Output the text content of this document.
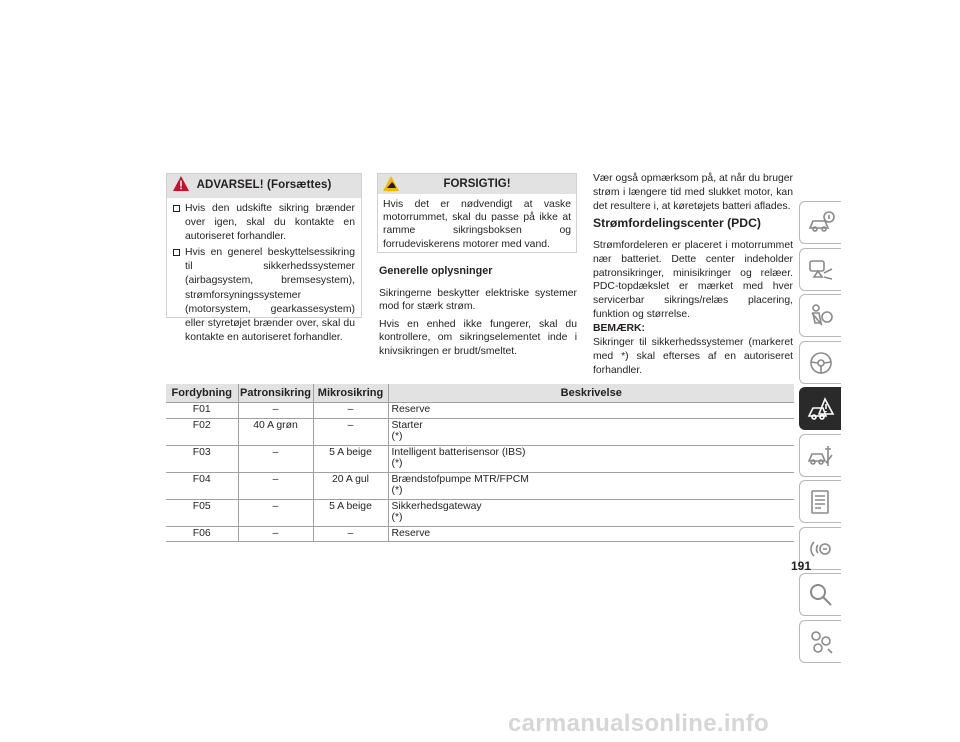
ADVARSEL! (Forsættes)
Hvis den udskifte sikring brænder over igen, skal du kontakte en autoriseret forhandler.
Hvis en generel beskyttelsessikring til sikkerhedssystemer (airbagsystem, bremsesystem), strømforsyningssystemer (motorsystem, gearkassesystem) eller styretøjet brænder over, skal du kontakte en autoriseret forhandler.
FORSIGTIG!
Hvis det er nødvendigt at vaske motorrummet, skal du passe på ikke at ramme sikringsboksen og forrudeviskerens motorer med vand.
Generelle oplysninger

Sikringerne beskytter elektriske systemer mod for stærk strøm.

Hvis en enhed ikke fungerer, skal du kontrollere, om sikringselementet inde i knivsikringen er brudt/smeltet.

Vær også opmærksom på, at når du bruger strøm i længere tid med slukket motor, kan det resultere i, at køretøjets batteri aflades.

Strømfordelingscenter (PDC)

Strømfordeleren er placeret i motorrummet nær batteriet. Dette center indeholder patronsikringer, minisikringer og relæer. PDC-topdækslet er mærket med hver servicerbar sikrings/relæs placering, funktion og størrelse.

BEMÆRK:

Sikringer til sikkerhedssystemer (markeret med *) skal efterses af en autoriseret forhandler.

Fordybning	Patronsikring	Mikrosikring	Beskrivelse
F01	–	–	Reserve

F02	40 A grøn	–	Starter
(*)

F03	–	5 A beige	Intelligent batterisensor (IBS)
(*)

F04	–	20 A gul	Brændstofpumpe MTR/FPCM
(*)

F05	–	5 A beige	Sikkerhedsgateway
(*)

F06	–	–	Reserve
191
carmanualsonline.info
